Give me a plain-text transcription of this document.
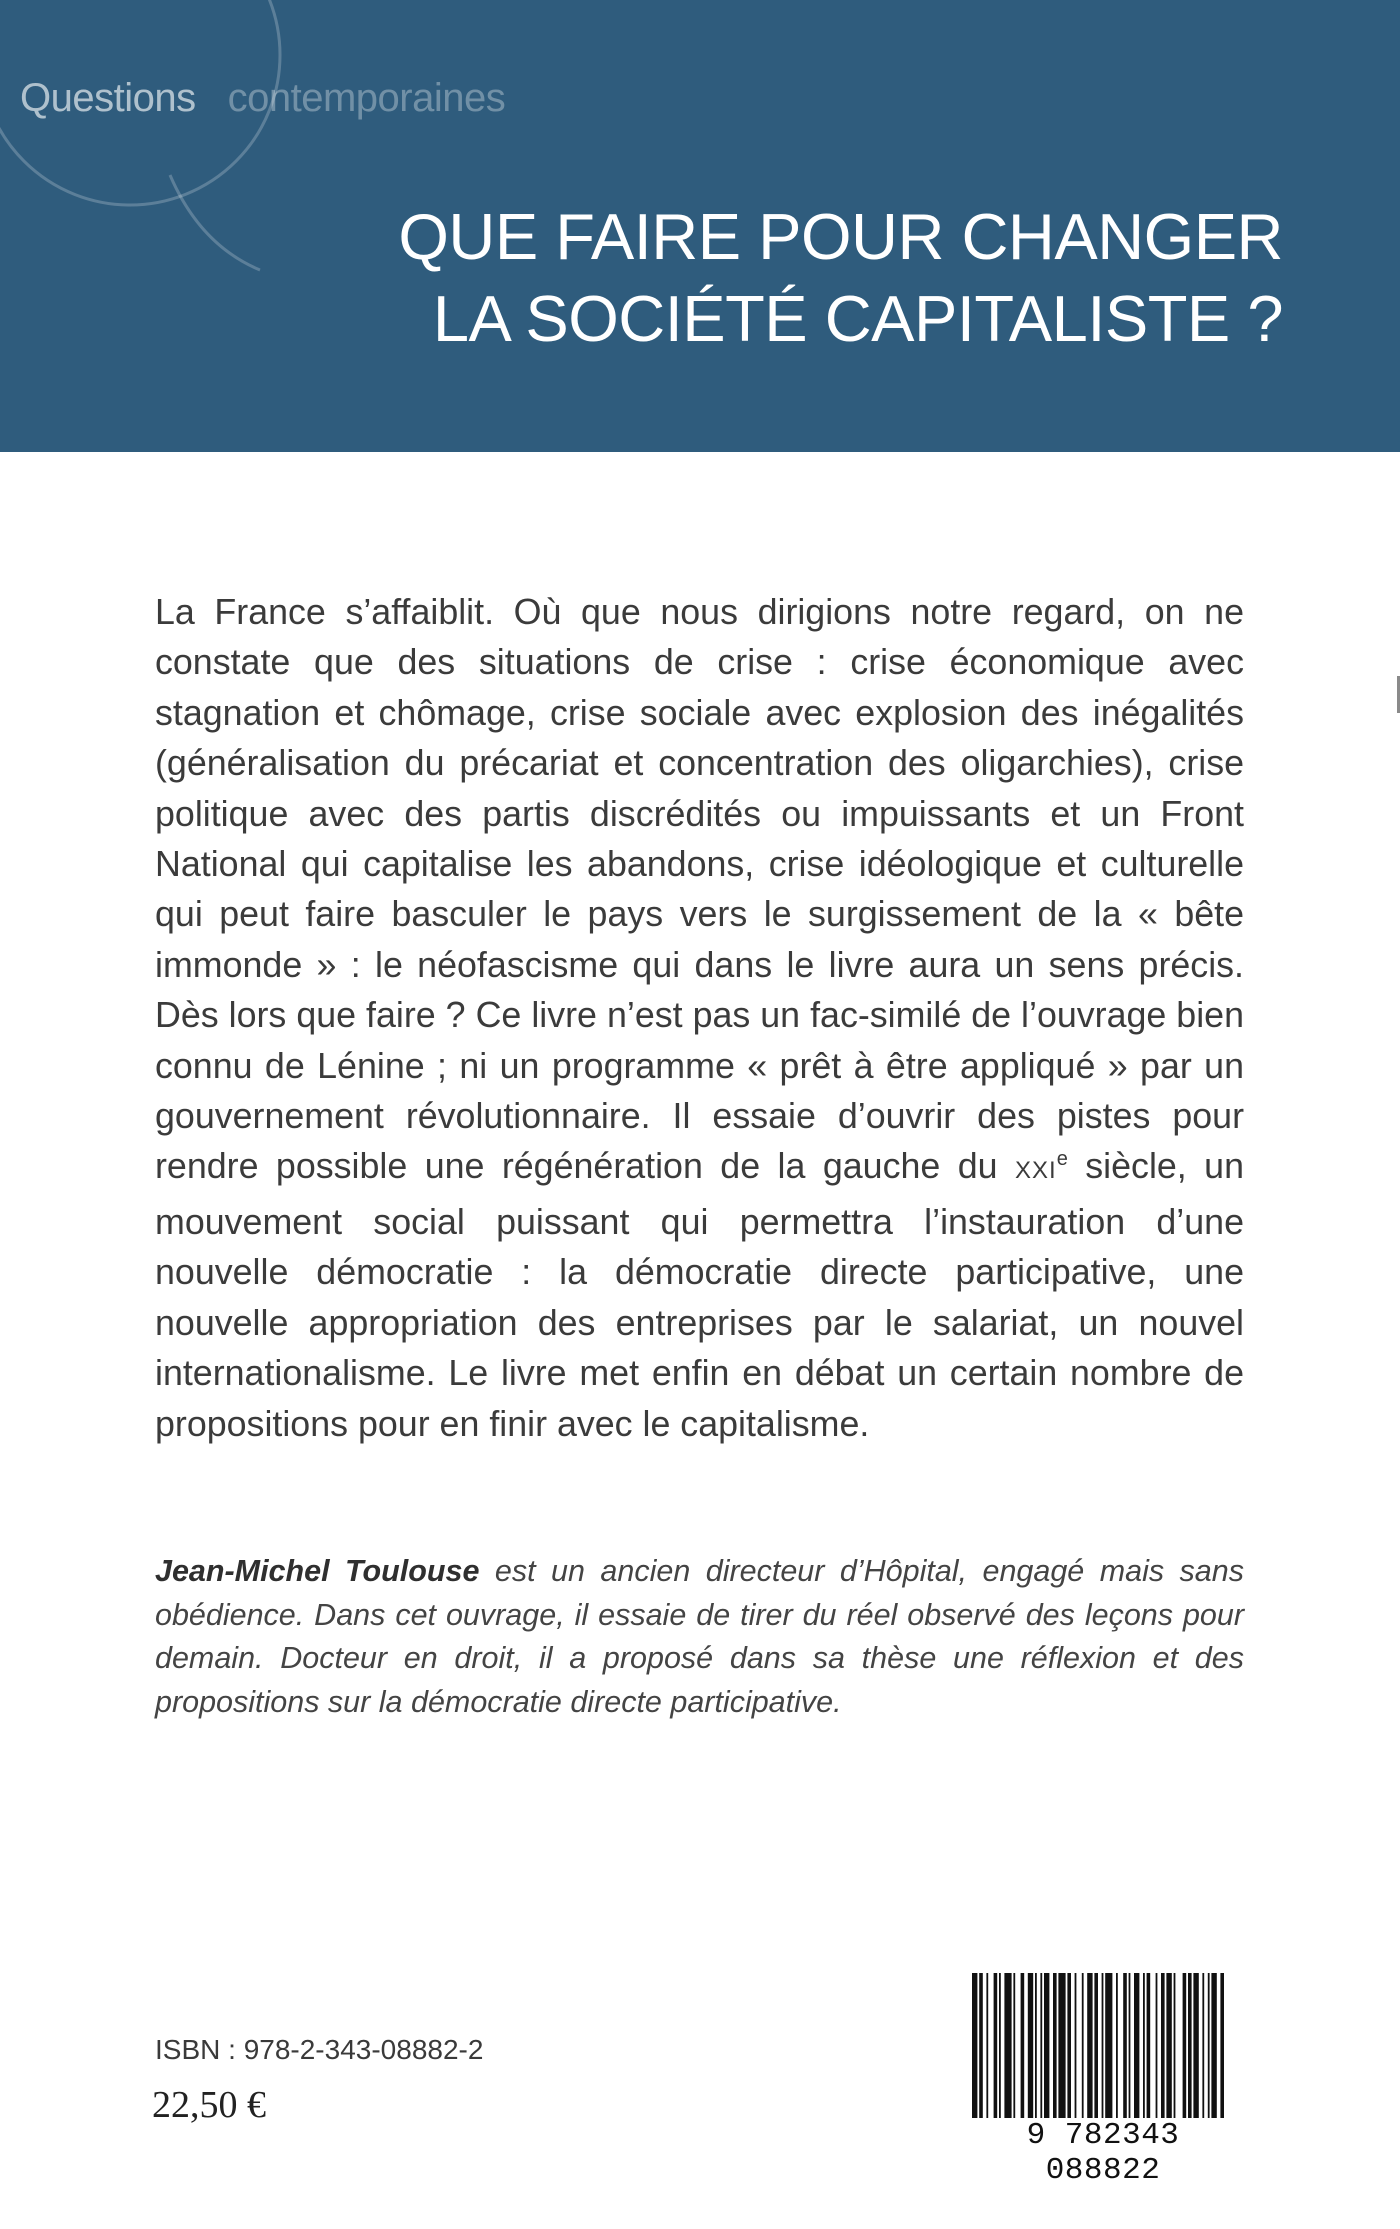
Questions contemporaines
QUE FAIRE POUR CHANGER
LA SOCIÉTÉ CAPITALISTE ?
La France s’affaiblit. Où que nous dirigions notre regard, on ne constate que des situations de crise : crise économique avec stagnation et chômage, crise sociale avec explosion des inégalités (généralisation du précariat et concentration des oligarchies), crise politique avec des partis discrédités ou impuissants et un Front National qui capitalise les abandons, crise idéologique et culturelle qui peut faire basculer le pays vers le surgissement de la « bête immonde » : le néofascisme qui dans le livre aura un sens précis. Dès lors que faire ? Ce livre n’est pas un fac-similé de l’ouvrage bien connu de Lénine ; ni un programme « prêt à être appliqué » par un gouvernement révolutionnaire. Il essaie d’ouvrir des pistes pour rendre possible une régénération de la gauche du XXIe siècle, un mouvement social puissant qui permettra l’instauration d’une nouvelle démocratie : la démocratie directe participative, une nouvelle appropriation des entreprises par le salariat, un nouvel internationalisme. Le livre met enfin en débat un certain nombre de propositions pour en finir avec le capitalisme.
Jean-Michel Toulouse est un ancien directeur d’Hôpital, engagé mais sans obédience. Dans cet ouvrage, il essaie de tirer du réel observé des leçons pour demain. Docteur en droit, il a proposé dans sa thèse une réflexion et des propositions sur la démocratie directe participative.
ISBN : 978-2-343-08882-2
22,50 €
9 782343 088822
